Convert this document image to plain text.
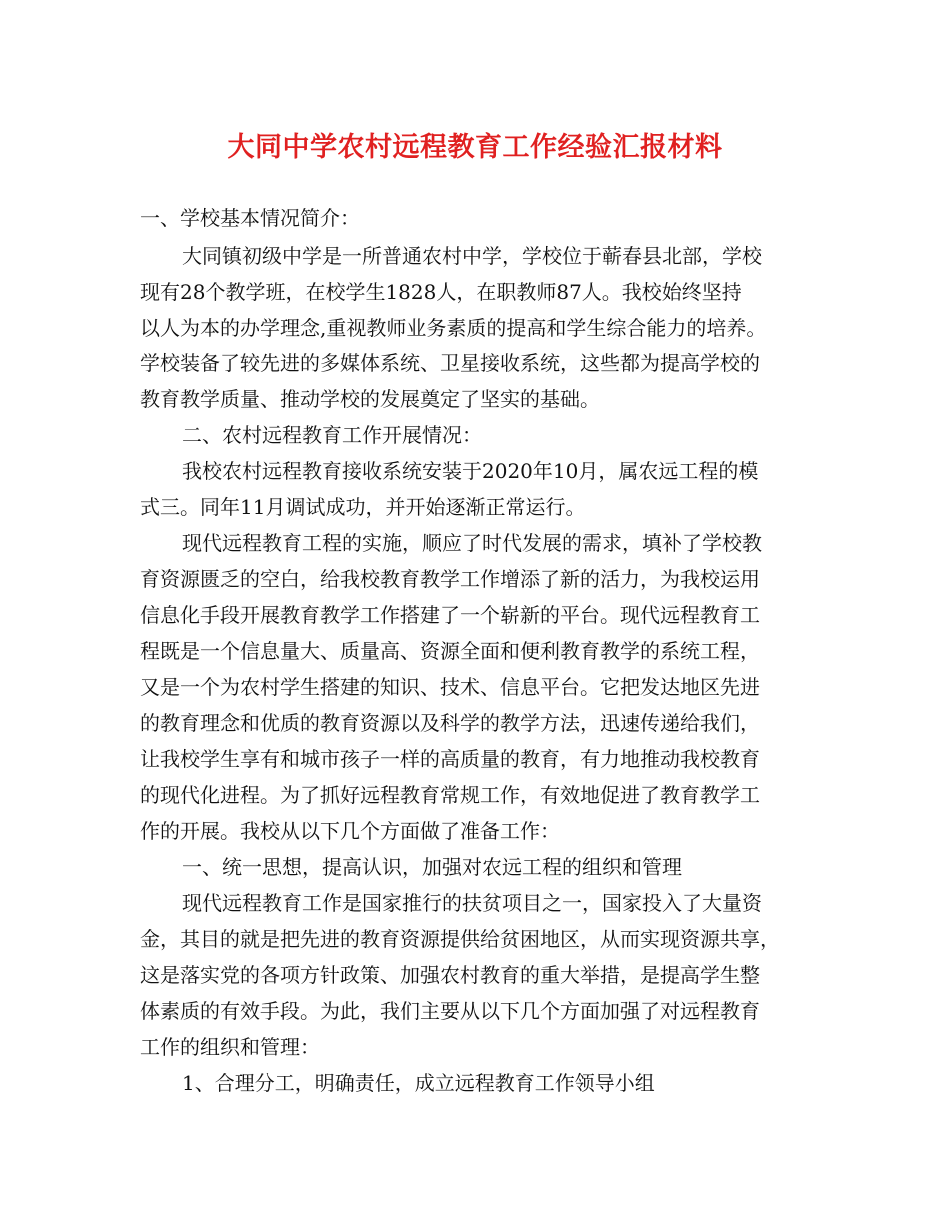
大同中学农村远程教育工作经验汇报材料
一、学校基本情况简介：
大同镇初级中学是一所普通农村中学，学校位于蕲春县北部，学校
现有28个教学班，在校学生1828人，在职教师87人。我校始终坚持
以人为本的办学理念,重视教师业务素质的提高和学生综合能力的培养。
学校装备了较先进的多媒体系统、卫星接收系统，这些都为提高学校的
教育教学质量、推动学校的发展奠定了坚实的基础。
二、农村远程教育工作开展情况：
我校农村远程教育接收系统安装于2020年10月，属农远工程的模
式三。同年11月调试成功，并开始逐渐正常运行。
现代远程教育工程的实施，顺应了时代发展的需求，填补了学校教
育资源匮乏的空白，给我校教育教学工作增添了新的活力，为我校运用
信息化手段开展教育教学工作搭建了一个崭新的平台。现代远程教育工
程既是一个信息量大、质量高、资源全面和便利教育教学的系统工程，
又是一个为农村学生搭建的知识、技术、信息平台。它把发达地区先进
的教育理念和优质的教育资源以及科学的教学方法，迅速传递给我们，
让我校学生享有和城市孩子一样的高质量的教育，有力地推动我校教育
的现代化进程。为了抓好远程教育常规工作，有效地促进了教育教学工
作的开展。我校从以下几个方面做了准备工作：
一、统一思想，提高认识，加强对农远工程的组织和管理
现代远程教育工作是国家推行的扶贫项目之一，国家投入了大量资
金，其目的就是把先进的教育资源提供给贫困地区，从而实现资源共享，
这是落实党的各项方针政策、加强农村教育的重大举措，是提高学生整
体素质的有效手段。为此，我们主要从以下几个方面加强了对远程教育
工作的组织和管理：
1、合理分工，明确责任，成立远程教育工作领导小组
